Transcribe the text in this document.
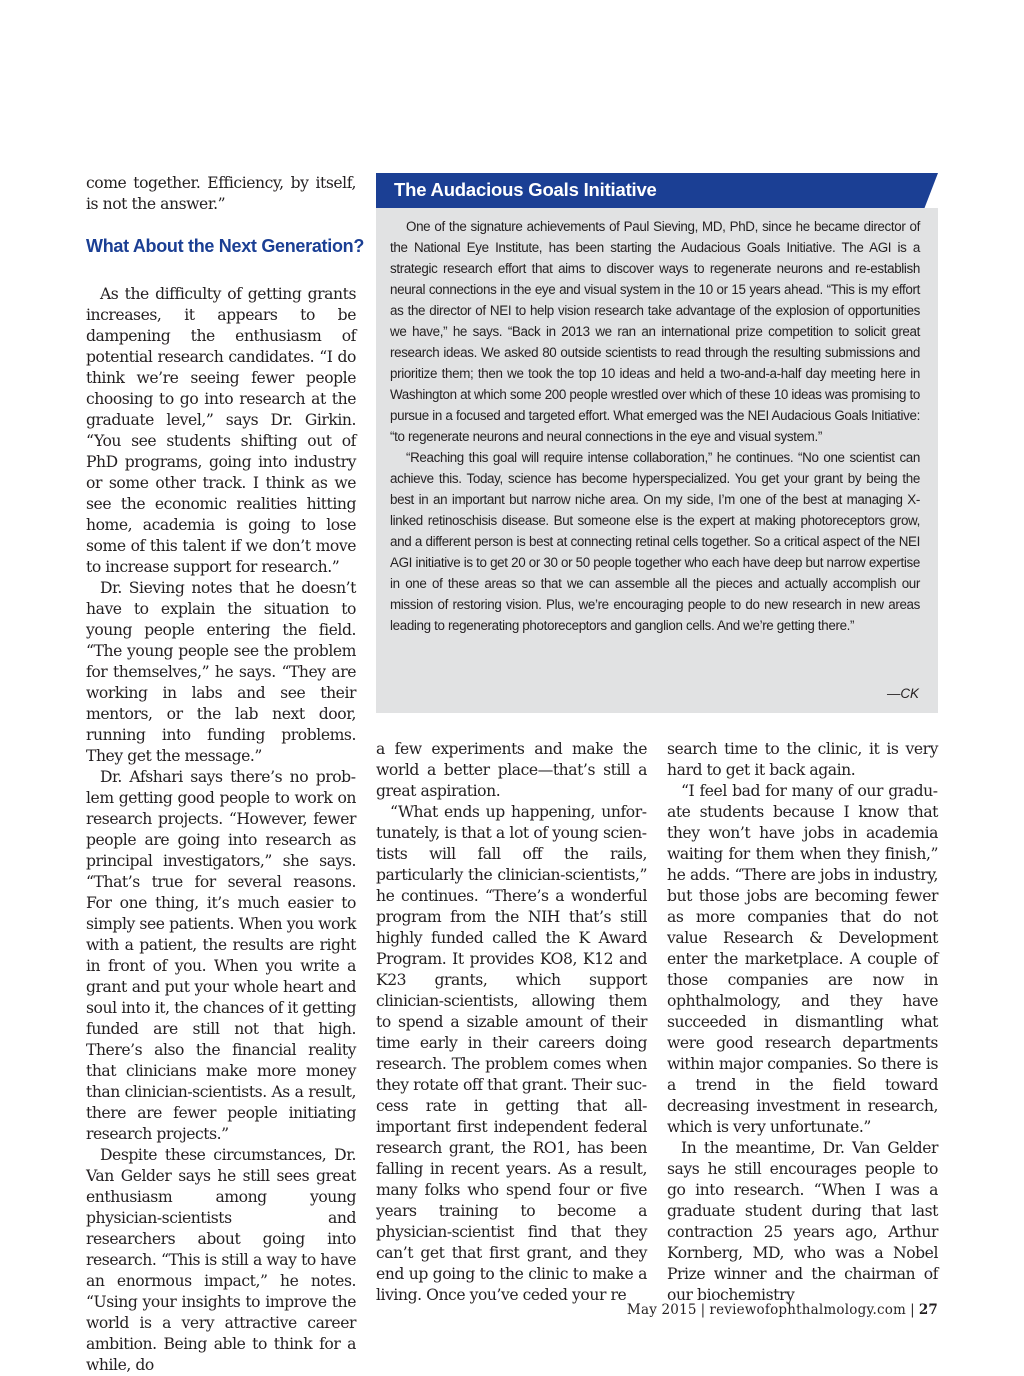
come together. Efficiency, by itself, is not the answer.”

What About the Next Generation?

As the difficulty of getting grants increases, it appears to be dampening the enthusiasm of potential research candidates. “I do think we’re seeing fewer people choosing to go into research at the graduate level,” says Dr. Girkin. “You see students shifting out of PhD programs, going into industry or some other track. I think as we see the economic realities hitting home, academia is going to lose some of this talent if we don’t move to increase support for research.”

Dr. Sieving notes that he doesn’t have to explain the situation to young people entering the field. “The young people see the problem for themselves,” he says. “They are working in labs and see their mentors, or the lab next door, running into funding problems. They get the message.”

Dr. Afshari says there’s no problem getting good people to work on research projects. “However, fewer people are going into research as principal investigators,” she says. “That’s true for several reasons. For one thing, it’s much easier to simply see patients. When you work with a patient, the results are right in front of you. When you write a grant and put your whole heart and soul into it, the chances of it getting funded are still not that high. There’s also the financial reality that clinicians make more money than clinician-scientists. As a result, there are fewer people initiating research projects.”

Despite these circumstances, Dr. Van Gelder says he still sees great enthusiasm among young physician-scientists and researchers about going into research. “This is still a way to have an enormous impact,” he notes. “Using your insights to improve the world is a very attractive career ambition. Being able to think for a while, do

The Audacious Goals Initiative

One of the signature achievements of Paul Sieving, MD, PhD, since he became director of the National Eye Institute, has been starting the Audacious Goals Initiative. The AGI is a strategic research effort that aims to discover ways to regenerate neurons and re-establish neural connections in the eye and visual system in the 10 or 15 years ahead. “This is my effort as the director of NEI to help vision research take advantage of the explosion of opportunities we have,” he says. “Back in 2013 we ran an international prize competition to solicit great research ideas. We asked 80 outside scientists to read through the resulting submissions and prioritize them; then we took the top 10 ideas and held a two-and-a-half day meeting here in Washington at which some 200 people wrestled over which of these 10 ideas was promising to pursue in a focused and targeted effort. What emerged was the NEI Audacious Goals Initiative: “to regenerate neurons and neural connections in the eye and visual system.”

“Reaching this goal will require intense collaboration,” he continues. “No one scientist can achieve this. Today, science has become hyperspecialized. You get your grant by being the best in an important but narrow niche area. On my side, I’m one of the best at managing X-linked retinoschisis disease. But someone else is the expert at making photoreceptors grow, and a different person is best at connecting retinal cells together. So a critical aspect of the NEI AGI initiative is to get 20 or 30 or 50 people together who each have deep but narrow expertise in one of these areas so that we can assemble all the pieces and actually accomplish our mission of restoring vision. Plus, we’re encouraging people to do new research in new areas leading to regenerating photoreceptors and ganglion cells. And we’re getting there.”

—CK

a few experiments and make the world a better place—that’s still a great aspiration.

“What ends up happening, unfortunately, is that a lot of young scientists will fall off the rails, particularly the clinician-scientists,” he continues. “There’s a wonderful program from the NIH that’s still highly funded called the K Award Program. It provides KO8, K12 and K23 grants, which support clinician-scientists, allowing them to spend a sizable amount of their time early in their careers doing research. The problem comes when they rotate off that grant. Their success rate in getting that all-important first independent federal research grant, the RO1, has been falling in recent years. As a result, many folks who spend four or five years training to become a physician-scientist find that they can’t get that first grant, and they end up going to the clinic to make a living. Once you’ve ceded your re

search time to the clinic, it is very hard to get it back again.

“I feel bad for many of our graduate students because I know that they won’t have jobs in academia waiting for them when they finish,” he adds. “There are jobs in industry, but those jobs are becoming fewer as more companies that do not value Research & Development enter the marketplace. A couple of those companies are now in ophthalmology, and they have succeeded in dismantling what were good research departments within major companies. So there is a trend in the field toward decreasing investment in research, which is very unfortunate.”

In the meantime, Dr. Van Gelder says he still encourages people to go into research. “When I was a graduate student during that last contraction 25 years ago, Arthur Kornberg, MD, who was a Nobel Prize winner and the chairman of our biochemistry

May 2015 | reviewofophthalmology.com | 27
